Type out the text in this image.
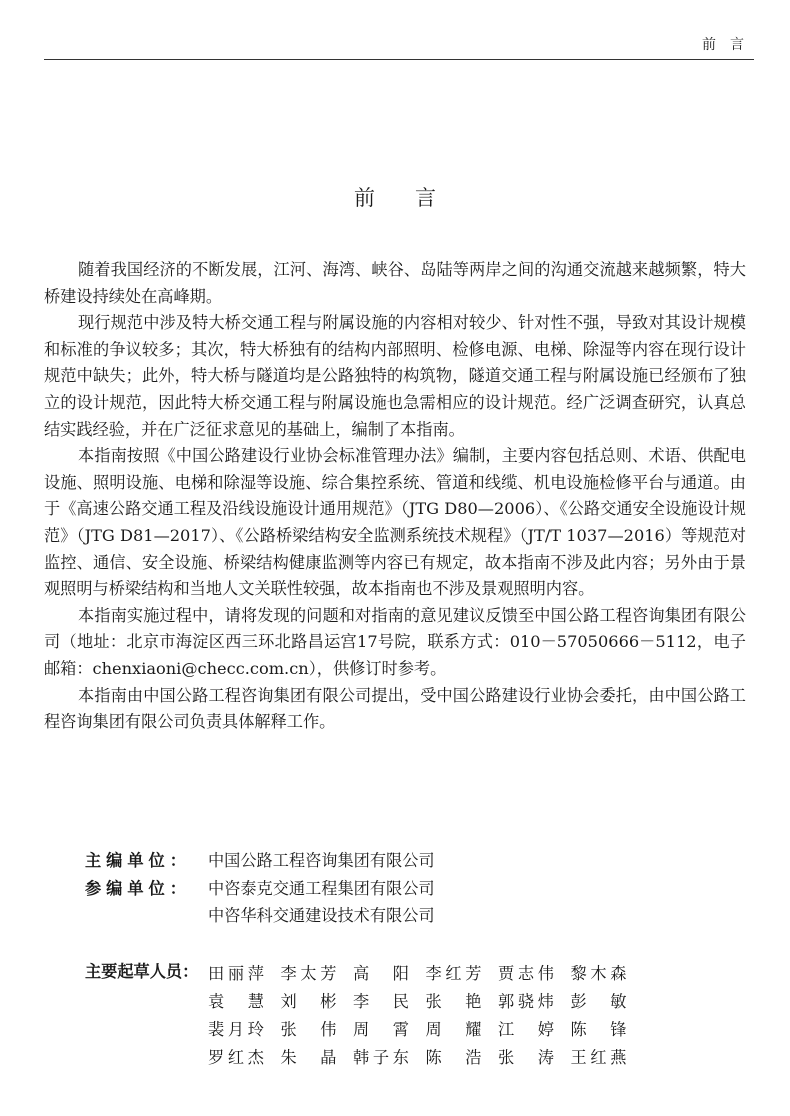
前言
前言

随着我国经济的不断发展，江河、海湾、峡谷、岛陆等两岸之间的沟通交流越来越频繁，特大桥建设持续处在高峰期。

现行规范中涉及特大桥交通工程与附属设施的内容相对较少、针对性不强，导致对其设计规模和标准的争议较多；其次，特大桥独有的结构内部照明、检修电源、电梯、除湿等内容在现行设计规范中缺失；此外，特大桥与隧道均是公路独特的构筑物，隧道交通工程与附属设施已经颁布了独立的设计规范，因此特大桥交通工程与附属设施也急需相应的设计规范。经广泛调查研究，认真总结实践经验，并在广泛征求意见的基础上，编制了本指南。

本指南按照《中国公路建设行业协会标准管理办法》编制，主要内容包括总则、术语、供配电设施、照明设施、电梯和除湿等设施、综合集控系统、管道和线缆、机电设施检修平台与通道。由于《高速公路交通工程及沿线设施设计通用规范》（JTG D80—2006）、《公路交通安全设施设计规范》（JTG D81—2017）、《公路桥梁结构安全监测系统技术规程》（JT/T 1037—2016）等规范对监控、通信、安全设施、桥梁结构健康监测等内容已有规定，故本指南不涉及此内容；另外由于景观照明与桥梁结构和当地人文关联性较强，故本指南也不涉及景观照明内容。

本指南实施过程中，请将发现的问题和对指南的意见建议反馈至中国公路工程咨询集团有限公司（地址：北京市海淀区西三环北路昌运宫17号院，联系方式：010－57050666－5112，电子邮箱：chenxiaoni@checc.com.cn），供修订时参考。

本指南由中国公路工程咨询集团有限公司提出，受中国公路建设行业协会委托，由中国公路工程咨询集团有限公司负责具体解释工作。

主编单位：	中国公路工程咨询集团有限公司
参编单位：	中咨泰克交通工程集团有限公司
中咨华科交通建设技术有限公司
主要起草人员： 田丽萍 李太芳 高阳 李红芳 贾志伟 黎木森
袁慧 刘彬 李民 张艳 郭骁炜 彭敏
裴月玲 张伟 周霄 周耀 江婷 陈锋
罗红杰 朱晶 韩子东 陈浩 张涛 王红燕
